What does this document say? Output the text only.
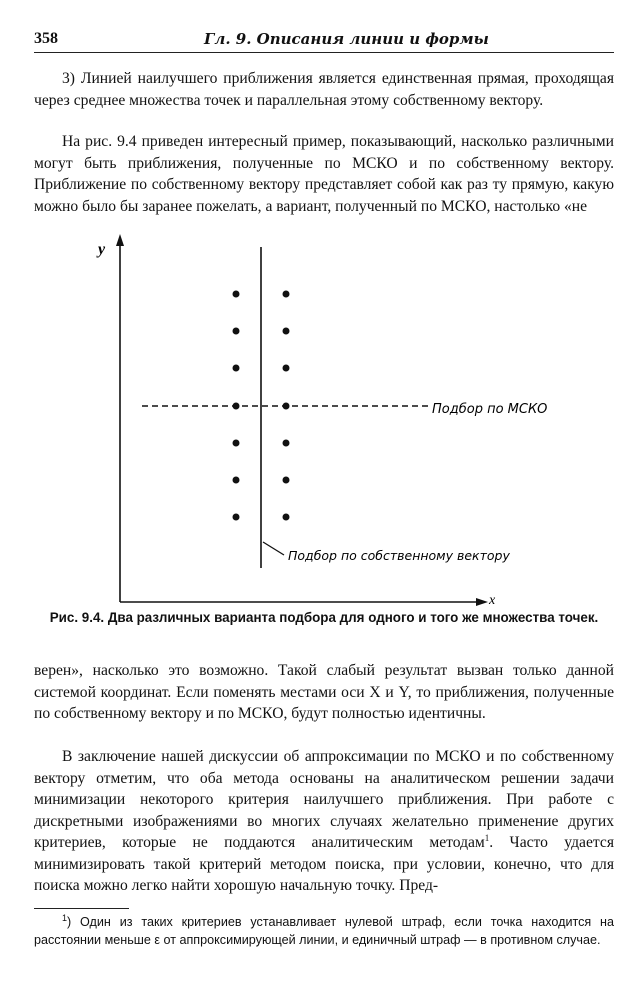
358	Гл. 9. Описания линии и формы
3) Линией наилучшего приближения является единственная прямая, проходящая через среднее множества точек и параллельная этому собственному вектору.
На рис. 9.4 приведен интересный пример, показывающий, насколько различными могут быть приближения, полученные по МСКО и по собственному вектору. Приближение по собственному вектору представляет собой как раз ту прямую, какую можно было бы заранее пожелать, а вариант, полученный по МСКО, настолько «не
y
x
Подбор по МСКО
Подбор по собственному вектору
Рис. 9.4. Два различных варианта подбора для одного и того же множества точек.
верен», насколько это возможно. Такой слабый результат вызван только данной системой координат. Если поменять местами оси X и Y, то приближения, полученные по собственному вектору и по МСКО, будут полностью идентичны.
В заключение нашей дискуссии об аппроксимации по МСКО и по собственному вектору отметим, что оба метода основаны на аналитическом решении задачи минимизации некоторого критерия наилучшего приближения. При работе с дискретными изображениями во многих случаях желательно применение других критериев, которые не поддаются аналитическим методам$^1$. Часто удается минимизировать такой критерий методом поиска, при условии, конечно, что для поиска можно легко найти хорошую начальную точку. Пред-
$^1$) Один из таких критериев устанавливает нулевой штраф, если точка находится на расстоянии меньше ε от аппроксимирующей линии, и единичный штраф — в противном случае.
